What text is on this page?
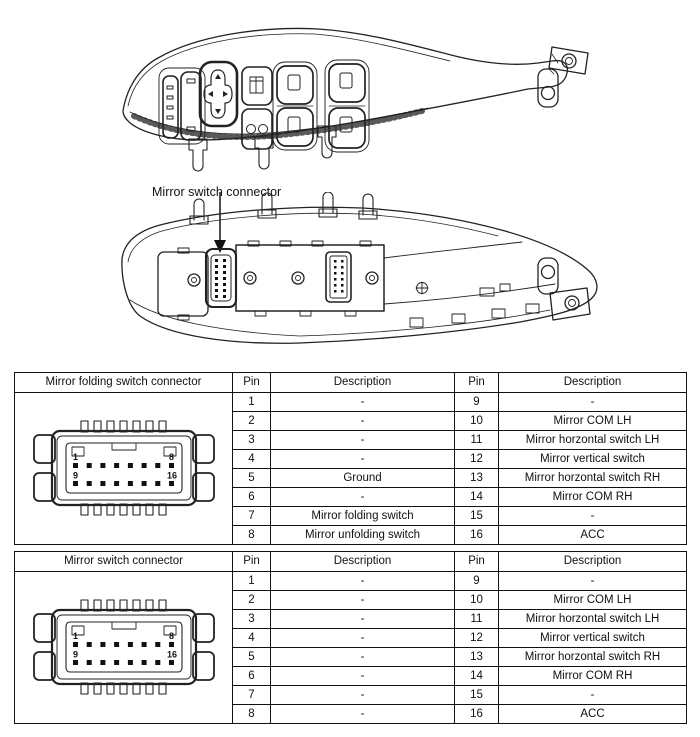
Mirror switch connector
Mirror folding switch connector	Pin	Description	Pin	Description

1 8
9 16	1	-	9	-
	2	-	10	Mirror COM LH
	3	-	11	Mirror horzontal switch LH
	4	-	12	Mirror vertical switch
	5	Ground	13	Mirror horzontal switch RH
	6	-	14	Mirror COM RH
	7	Mirror folding switch	15	-
	8	Mirror unfolding switch	16	ACC
Mirror switch connector	Pin	Description	Pin	Description

1 8
9 16	1	-	9	-
	2	-	10	Mirror COM LH
	3	-	11	Mirror horzontal switch LH
	4	-	12	Mirror vertical switch
	5	-	13	Mirror horzontal switch RH
	6	-	14	Mirror COM RH
	7	-	15	-
	8	-	16	ACC
